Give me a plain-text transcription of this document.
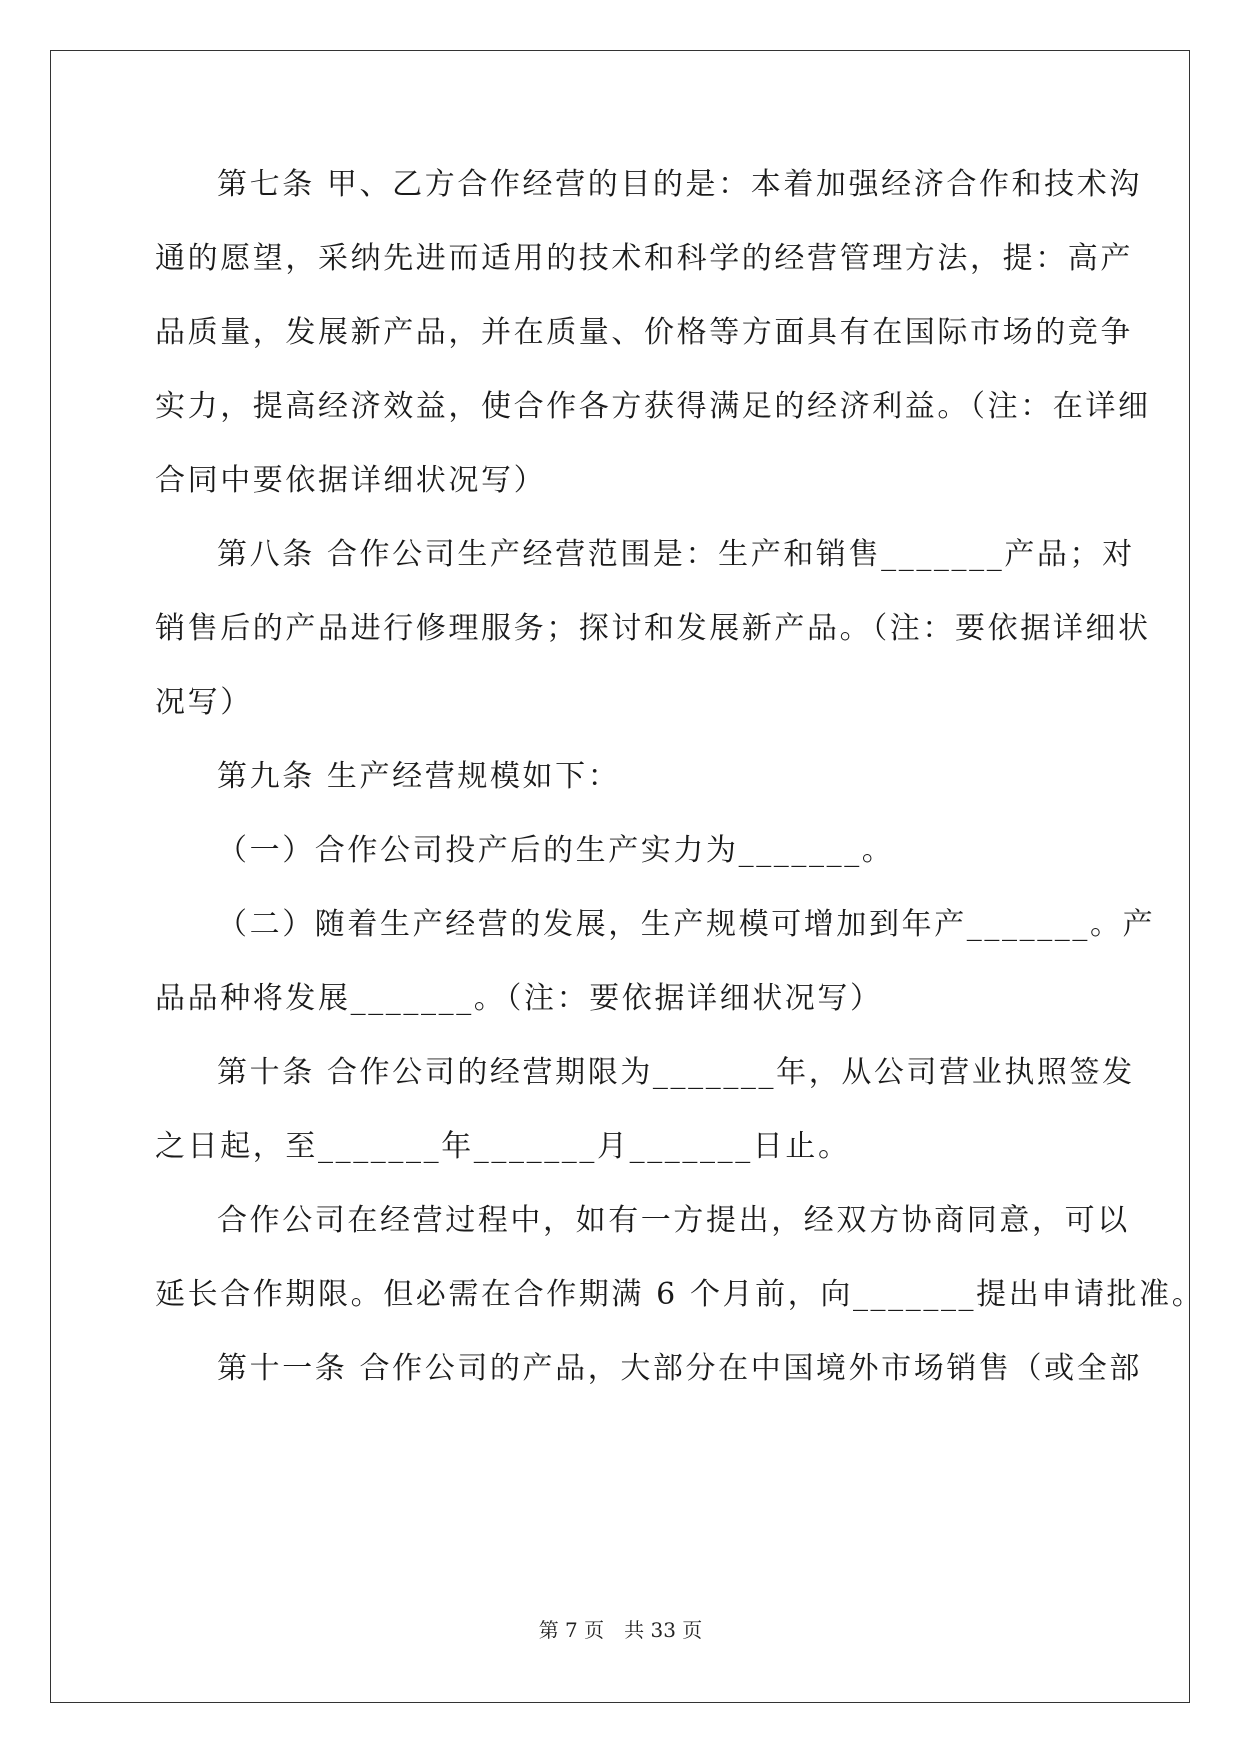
第七条 甲、乙方合作经营的目的是：本着加强经济合作和技术沟
通的愿望，采纳先进而适用的技术和科学的经营管理方法，提：高产
品质量，发展新产品，并在质量、价格等方面具有在国际市场的竞争
实力，提高经济效益，使合作各方获得满足的经济利益。（注：在详细
合同中要依据详细状况写）
第八条 合作公司生产经营范围是：生产和销售_______产品；对
销售后的产品进行修理服务；探讨和发展新产品。（注：要依据详细状
况写）
第九条 生产经营规模如下：
（一）合作公司投产后的生产实力为_______。
（二）随着生产经营的发展，生产规模可增加到年产_______。产
品品种将发展_______。（注：要依据详细状况写）
第十条 合作公司的经营期限为_______年，从公司营业执照签发
之日起，至_______年_______月_______日止。
合作公司在经营过程中，如有一方提出，经双方协商同意，可以
延长合作期限。但必需在合作期满 6 个月前，向_______提出申请批准。
第十一条 合作公司的产品，大部分在中国境外市场销售（或全部
第 7 页　共 33 页
